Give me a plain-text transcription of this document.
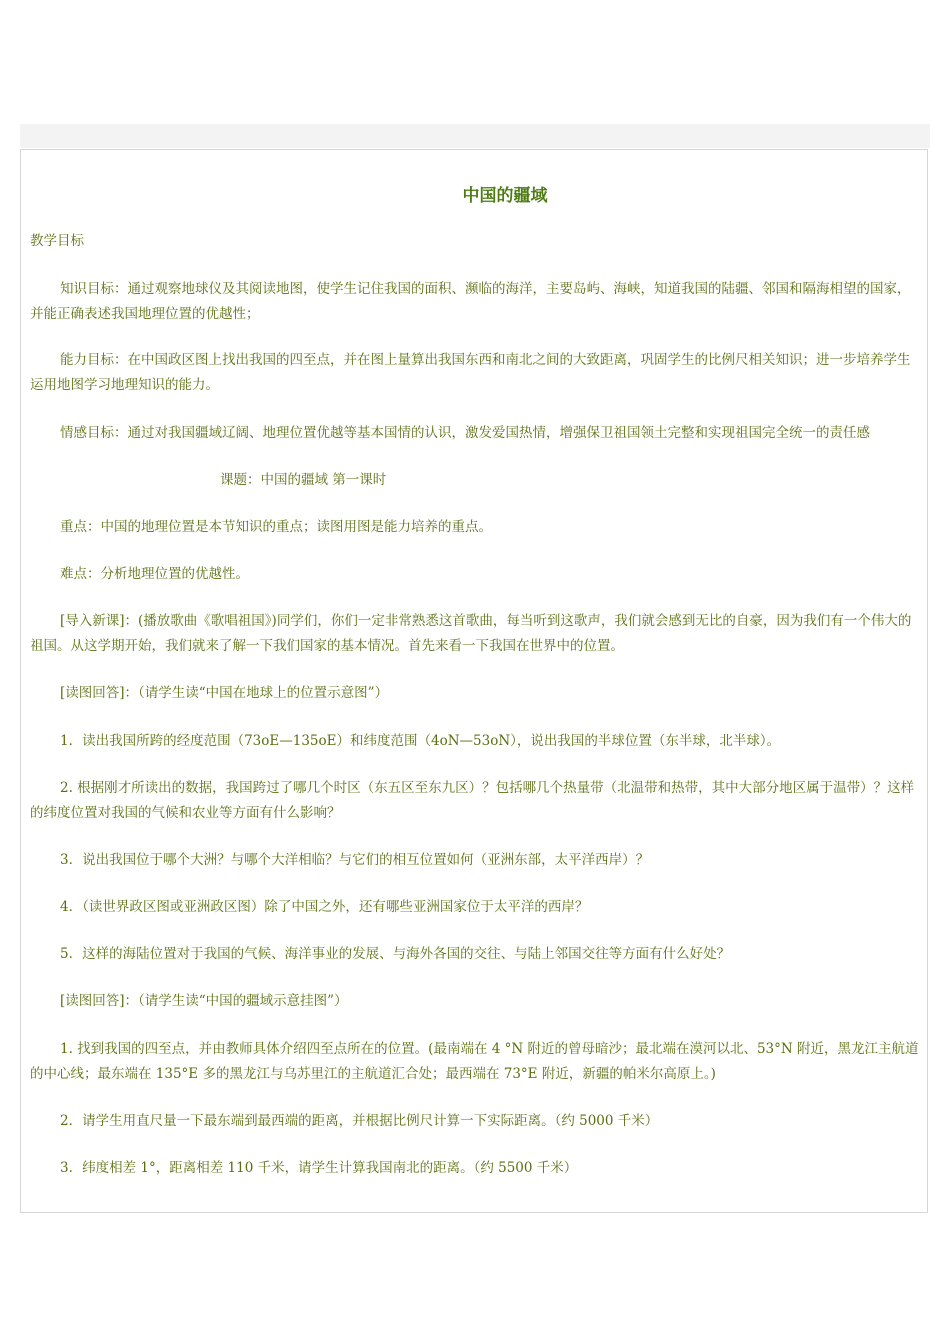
中国的疆域
教学目标
知识目标：通过观察地球仪及其阅读地图，使学生记住我国的面积、濒临的海洋，主要岛屿、海峡，知道我国的陆疆、邻国和隔海相望的国家，并能正确表述我国地理位置的优越性；
能力目标：在中国政区图上找出我国的四至点，并在图上量算出我国东西和南北之间的大致距离，巩固学生的比例尺相关知识；进一步培养学生运用地图学习地理知识的能力。
情感目标：通过对我国疆域辽阔、地理位置优越等基本国情的认识，激发爱国热情，增强保卫祖国领土完整和实现祖国完全统一的责任感
课题：中国的疆域 第一课时
重点：中国的地理位置是本节知识的重点；读图用图是能力培养的重点。
难点：分析地理位置的优越性。
[导入新课]：(播放歌曲《歌唱祖国》)同学们，你们一定非常熟悉这首歌曲，每当听到这歌声，我们就会感到无比的自豪，因为我们有一个伟大的祖国。从这学期开始，我们就来了解一下我们国家的基本情况。首先来看一下我国在世界中的位置。
[读图回答]：（请学生读“中国在地球上的位置示意图”）
1．读出我国所跨的经度范围（73oE—135oE）和纬度范围（4oN—53oN），说出我国的半球位置（东半球，北半球）。
2. 根据刚才所读出的数据，我国跨过了哪几个时区（东五区至东九区）？包括哪几个热量带（北温带和热带，其中大部分地区属于温带）？这样的纬度位置对我国的气候和农业等方面有什么影响？
3．说出我国位于哪个大洲？与哪个大洋相临？与它们的相互位置如何（亚洲东部，太平洋西岸）？
4．（读世界政区图或亚洲政区图）除了中国之外，还有哪些亚洲国家位于太平洋的西岸？
5．这样的海陆位置对于我国的气候、海洋事业的发展、与海外各国的交往、与陆上邻国交往等方面有什么好处？
[读图回答]：（请学生读“中国的疆域示意挂图”）
1. 找到我国的四至点，并由教师具体介绍四至点所在的位置。(最南端在 4 °N 附近的曾母暗沙；最北端在漠河以北、53°N 附近，黑龙江主航道的中心线；最东端在 135°E 多的黑龙江与乌苏里江的主航道汇合处；最西端在 73°E 附近，新疆的帕米尔高原上。)
2．请学生用直尺量一下最东端到最西端的距离，并根据比例尺计算一下实际距离。（约 5000 千米）
3．纬度相差 1°，距离相差 110 千米，请学生计算我国南北的距离。（约 5500 千米）
